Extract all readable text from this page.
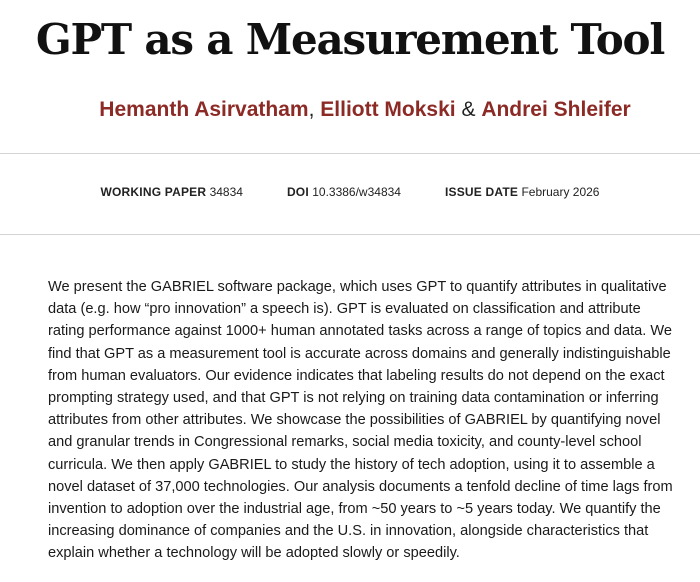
GPT as a Measurement Tool
Hemanth Asirvatham, Elliott Mokski & Andrei Shleifer
WORKING PAPER 34834	DOI 10.3386/w34834	ISSUE DATE February 2026

We present the GABRIEL software package, which uses GPT to quantify attributes in qualitative data (e.g. how “pro innovation” a speech is). GPT is evaluated on classification and attribute rating performance against 1000+ human annotated tasks across a range of topics and data. We find that GPT as a measurement tool is accurate across domains and generally indistinguishable from human evaluators. Our evidence indicates that labeling results do not depend on the exact prompting strategy used, and that GPT is not relying on training data contamination or inferring attributes from other attributes. We showcase the possibilities of GABRIEL by quantifying novel and granular trends in Congressional remarks, social media toxicity, and county-level school curricula. We then apply GABRIEL to study the history of tech adoption, using it to assemble a novel dataset of 37,000 technologies. Our analysis documents a tenfold decline of time lags from invention to adoption over the industrial age, from ~50 years to ~5 years today. We quantify the increasing dominance of companies and the U.S. in innovation, alongside characteristics that explain whether a technology will be adopted slowly or speedily.
